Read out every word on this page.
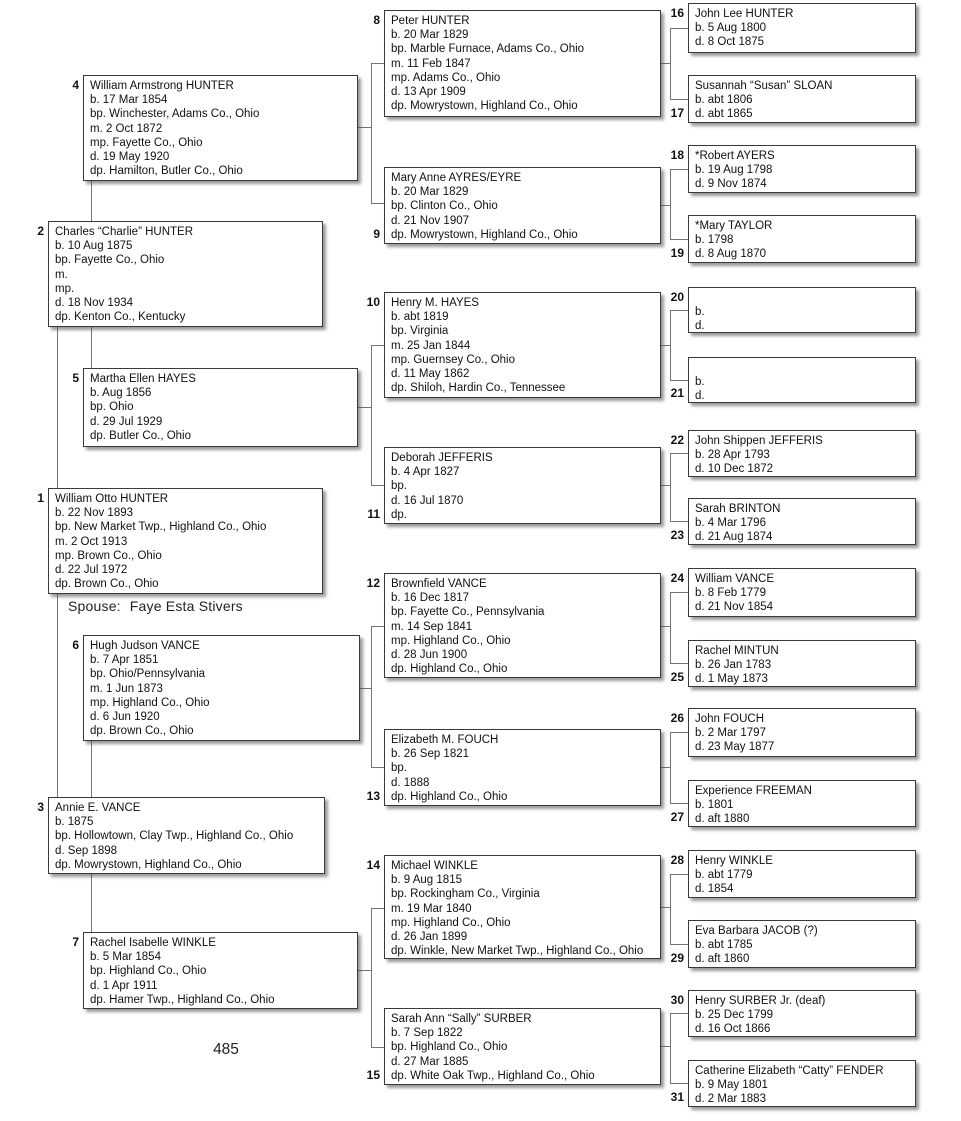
Spouse: Faye Esta Stivers
485
1 William Otto HUNTER
b. 22 Nov 1893
bp. New Market Twp., Highland Co., Ohio
m. 2 Oct 1913
mp. Brown Co., Ohio
d. 22 Jul 1972
dp. Brown Co., Ohio
2 Charles “Charlie” HUNTER
b. 10 Aug 1875
bp. Fayette Co., Ohio
m.
mp.
d. 18 Nov 1934
dp. Kenton Co., Kentucky
3 Annie E. VANCE
b. 1875
bp. Hollowtown, Clay Twp., Highland Co., Ohio
d. Sep 1898
dp. Mowrystown, Highland Co., Ohio
4 William Armstrong HUNTER
b. 17 Mar 1854
bp. Winchester, Adams Co., Ohio
m. 2 Oct 1872
mp. Fayette Co., Ohio
d. 19 May 1920
dp. Hamilton, Butler Co., Ohio
5 Martha Ellen HAYES
b. Aug 1856
bp. Ohio
d. 29 Jul 1929
dp. Butler Co., Ohio
6 Hugh Judson VANCE
b. 7 Apr 1851
bp. Ohio/Pennsylvania
m. 1 Jun 1873
mp. Highland Co., Ohio
d. 6 Jun 1920
dp. Brown Co., Ohio
7 Rachel Isabelle WINKLE
b. 5 Mar 1854
bp. Highland Co., Ohio
d. 1 Apr 1911
dp. Hamer Twp., Highland Co., Ohio
8 Peter HUNTER
b. 20 Mar 1829
bp. Marble Furnace, Adams Co., Ohio
m. 11 Feb 1847
mp. Adams Co., Ohio
d. 13 Apr 1909
dp. Mowrystown, Highland Co., Ohio
9
Mary Anne AYRES/EYRE
b. 20 Mar 1829
bp. Clinton Co., Ohio
d. 21 Nov 1907
dp. Mowrystown, Highland Co., Ohio
10 Henry M. HAYES
b. abt 1819
bp. Virginia
m. 25 Jan 1844
mp. Guernsey Co., Ohio
d. 11 May 1862
dp. Shiloh, Hardin Co., Tennessee
11
Deborah JEFFERIS
b. 4 Apr 1827
bp.
d. 16 Jul 1870
dp.
12 Brownfield VANCE
b. 16 Dec 1817
bp. Fayette Co., Pennsylvania
m. 14 Sep 1841
mp. Highland Co., Ohio
d. 28 Jun 1900
dp. Highland Co., Ohio
13
Elizabeth M. FOUCH
b. 26 Sep 1821
bp.
d. 1888
dp. Highland Co., Ohio
14 Michael WINKLE
b. 9 Aug 1815
bp. Rockingham Co., Virginia
m. 19 Mar 1840
mp. Highland Co., Ohio
d. 26 Jan 1899
dp. Winkle, New Market Twp., Highland Co., Ohio
15
Sarah Ann “Sally” SURBER
b. 7 Sep 1822
bp. Highland Co., Ohio
d. 27 Mar 1885
dp. White Oak Twp., Highland Co., Ohio
16 John Lee HUNTER
b. 5 Aug 1800
d. 8 Oct 1875
17
Susannah “Susan” SLOAN
b. abt 1806
d. abt 1865
18 *Robert AYERS
b. 19 Aug 1798
d. 9 Nov 1874
19
*Mary TAYLOR
b. 1798
d. 8 Aug 1870
20
b.
d.
21
b.
d.
22 John Shippen JEFFERIS
b. 28 Apr 1793
d. 10 Dec 1872
23
Sarah BRINTON
b. 4 Mar 1796
d. 21 Aug 1874
24 William VANCE
b. 8 Feb 1779
d. 21 Nov 1854
25
Rachel MINTUN
b. 26 Jan 1783
d. 1 May 1873
26 John FOUCH
b. 2 Mar 1797
d. 23 May 1877
27
Experience FREEMAN
b. 1801
d. aft 1880
28 Henry WINKLE
b. abt 1779
d. 1854
29
Eva Barbara JACOB (?)
b. abt 1785
d. aft 1860
30 Henry SURBER Jr. (deaf)
b. 25 Dec 1799
d. 16 Oct 1866
31
Catherine Elizabeth “Catty” FENDER
b. 9 May 1801
d. 2 Mar 1883
